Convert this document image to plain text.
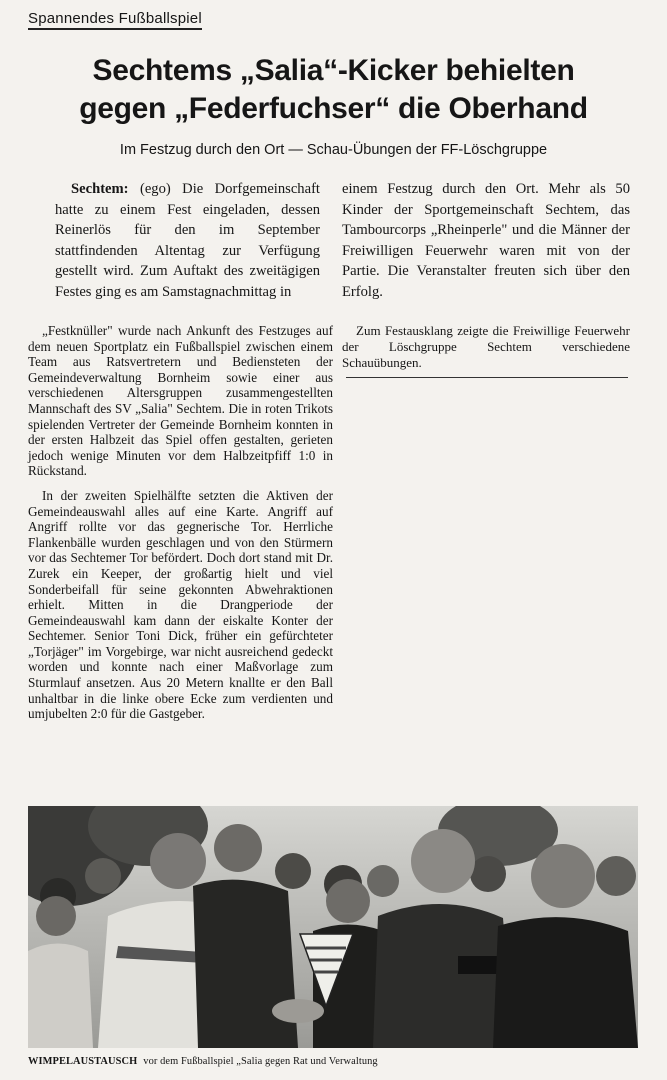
Spannendes Fußballspiel
Sechtems „Salia“-Kicker behielten
gegen „Federfuchser“ die Oberhand
Im Festzug durch den Ort — Schau-Übungen der FF-Löschgruppe

Sechtem: (ego) Die Dorfgemeinschaft hatte zu einem Fest eingeladen, dessen Reinerlös für den im September stattfindenden Altentag zur Verfügung gestellt wird. Zum Auftakt des zweitägigen Festes ging es am Samstagnachmittag in

einem Festzug durch den Ort. Mehr als 50 Kinder der Sportgemeinschaft Sechtem, das Tambourcorps „Rheinperle" und die Männer der Freiwilligen Feuerwehr waren mit von der Partie. Die Veranstalter freuten sich über den Erfolg.

„Festknüller" wurde nach Ankunft des Festzuges auf dem neuen Sportplatz ein Fußballspiel zwischen einem Team aus Ratsvertretern und Bediensteten der Gemeindeverwaltung Bornheim sowie einer aus verschiedenen Altersgruppen zusammengestellten Mannschaft des SV „Salia" Sechtem. Die in roten Trikots spielenden Vertreter der Gemeinde Bornheim konnten in der ersten Halbzeit das Spiel offen gestalten, gerieten jedoch wenige Minuten vor dem Halbzeitpfiff 1:0 in Rückstand.

In der zweiten Spielhälfte setzten die Aktiven der Gemeindeauswahl alles auf eine Karte. Angriff auf Angriff rollte vor das gegnerische Tor. Herrliche Flankenbälle wurden geschlagen und von den Stürmern vor das Sechtemer Tor befördert. Doch dort stand mit Dr. Zurek ein Keeper, der großartig hielt und viel Sonderbeifall für seine gekonnten Abwehraktionen erhielt. Mitten in die Drangperiode der Gemeindeauswahl kam dann der eiskalte Konter der Sechtemer. Senior Toni Dick, früher ein gefürchteter „Torjäger" im Vorgebirge, war nicht ausreichend gedeckt worden und konnte nach einer Maßvorlage zum Sturmlauf ansetzen. Aus 20 Metern knallte er den Ball unhaltbar in die linke obere Ecke zum verdienten und umjubelten 2:0 für die Gastgeber.

Zum Festausklang zeigte die Freiwillige Feuerwehr der Löschgruppe Sechtem verschiedene Schauübungen.

WIMPELAUSTAUSCH vor dem Fußballspiel „Salia gegen Rat und Verwaltung
